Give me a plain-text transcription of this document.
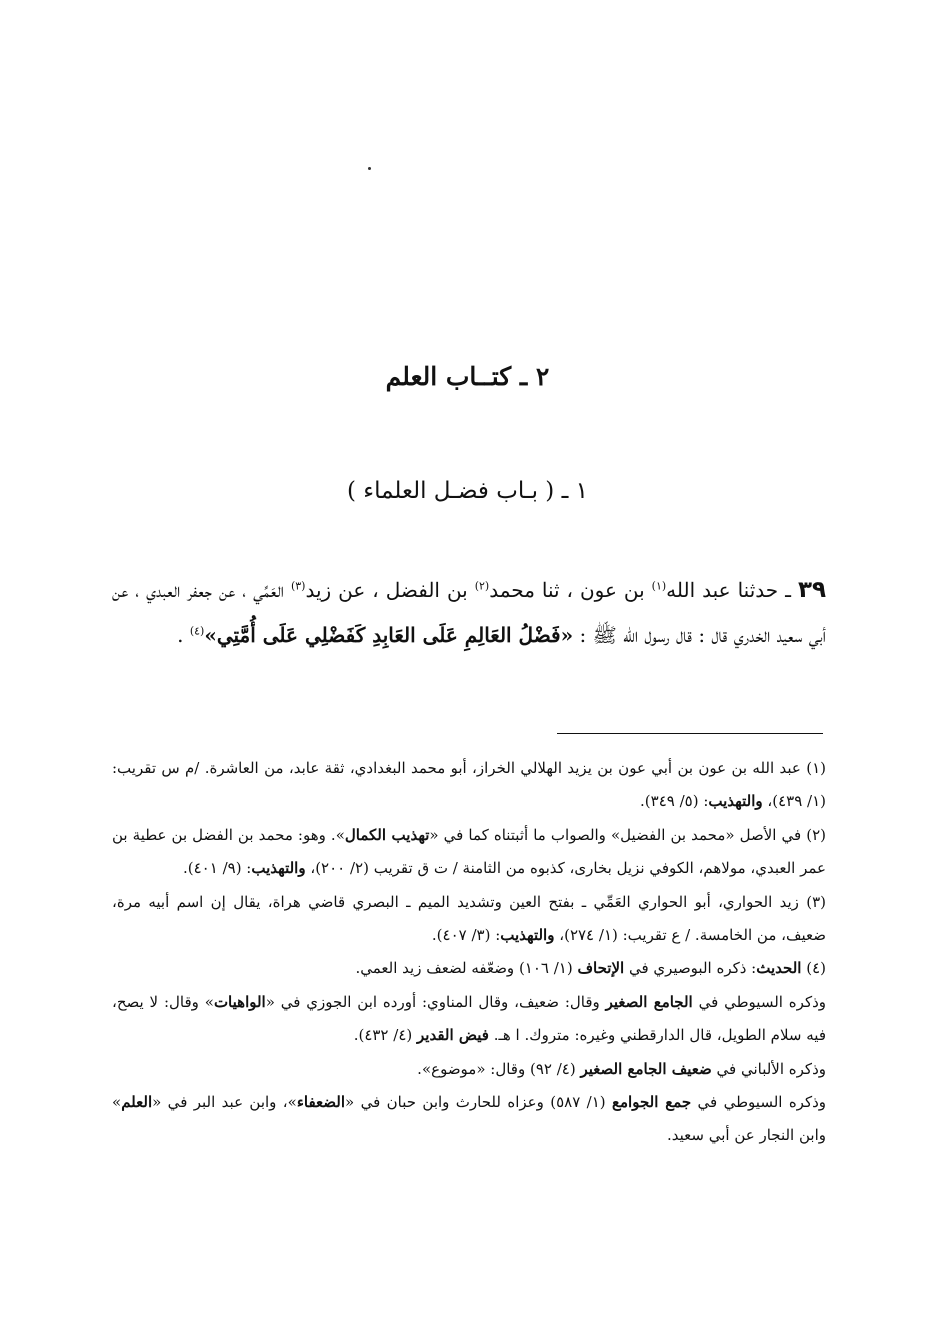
٢ ـ كتــاب العلم
١ ـ ( بـاب فضـل العلماء )
٣٩ ـ حدثنا عبد الله$^{(١)}$ بن عون ، ثنا محمد$^{(٢)}$ بن الفضل ، عن زيد$^{(٣)}$ العَمِّي ، عن جعفر العبدي ، عن أبي سعيد الخدري قال : قال رسول الله ﷺ : «فَضْلُ العَالِمِ عَلَى العَابِدِ كَفَضْلِي عَلَى أُمَّتِي»$^{(٤)}$ .

(١) عبد الله بن عون بن أبي عون بن يزيد الهلالي الخراز، أبو محمد البغدادي، ثقة عابد، من العاشرة. /م س تقريب: (١/ ٤٣٩)، والتهذيب: (٥/ ٣٤٩).

(٢) في الأصل «محمد بن الفضيل» والصواب ما أثبتناه كما في «تهذيب الكمال». وهو: محمد بن الفضل بن عطية بن عمر العبدي، مولاهم، الكوفي نزيل بخارى، كذبوه من الثامنة / ت ق تقريب (٢/ ٢٠٠)، والتهذيب: (٩/ ٤٠١).

(٣) زيد الحواري، أبو الحواري العَمِّي ـ بفتح العين وتشديد الميم ـ البصري قاضي هراة، يقال إن اسم أبيه مرة، ضعيف، من الخامسة. / ع تقريب: (١/ ٢٧٤)، والتهذيب: (٣/ ٤٠٧).

(٤) الحديث: ذكره البوصيري في الإتحاف (١/ ١٠٦) وضعّفه لضعف زيد العمي.

وذكره السيوطي في الجامع الصغير وقال: ضعيف، وقال المناوي: أورده ابن الجوزي في «الواهيات» وقال: لا يصح، فيه سلام الطويل، قال الدارقطني وغيره: متروك. ا هـ. فيض القدير (٤/ ٤٣٢).

وذكره الألباني في ضعيف الجامع الصغير (٤/ ٩٢) وقال: «موضوع».

وذكره السيوطي في جمع الجوامع (١/ ٥٨٧) وعزاه للحارث وابن حبان في «الضعفاء»، وابن عبد البر في «العلم» وابن النجار عن أبي سعيد.
